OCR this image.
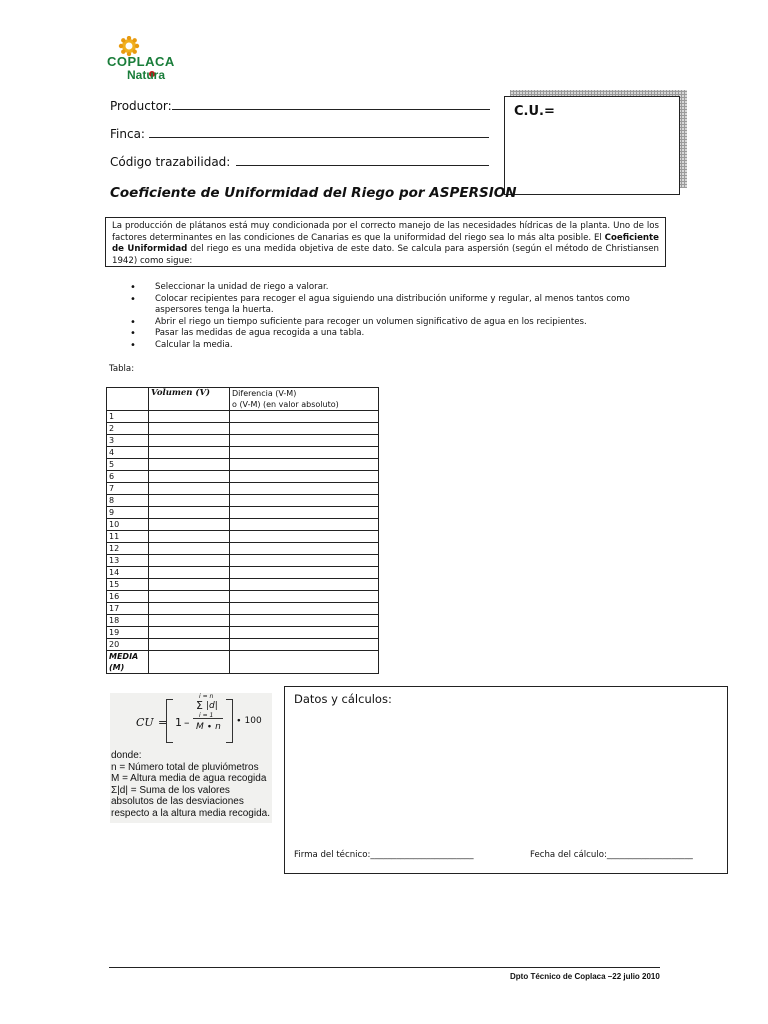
COPLACA
Natura
Productor:
Finca:
Código trazabilidad:
C.U.=
Coeficiente de Uniformidad del Riego por ASPERSION
La producción de plátanos está muy condicionada por el correcto manejo de las necesidades hídricas de la planta. Uno de los factores determinantes en las condiciones de Canarias es que la uniformidad del riego sea lo más alta posible. El Coeficiente de Uniformidad del riego es una medida objetiva de este dato. Se calcula para aspersión (según el método de Christiansen 1942) como sigue:
• Seleccionar la unidad de riego a valorar.
• Colocar recipientes para recoger el agua siguiendo una distribución uniforme y regular, al menos tantos como aspersores tenga la huerta.
• Abrir el riego un tiempo suficiente para recoger un volumen significativo de agua en los recipientes.
• Pasar las medidas de agua recogida a una tabla.
• Calcular la media.
Tabla:
	Volumen (V)	Diferencia (V-M)
o (V-M) (en valor absoluto)
1		
2		
3		
4		
5		
6		
7		
8		
9		
10		
11		
12		
13		
14		
15		
16		
17		
18		
19		
20		

MEDIA
(M)		

CU = 1 –
i = n
Σ |d|
i = 1
M ∙ n
∙ 100
donde:
n = Número total de pluviómetros
M = Altura media de agua recogida
Σ|d| = Suma de los valores absolutos de las desviaciones respecto a la altura media recogida.
Datos y cálculos:
Firma del técnico:________________________	Fecha del cálculo:____________________
Dpto Técnico de Coplaca –22 julio 2010
